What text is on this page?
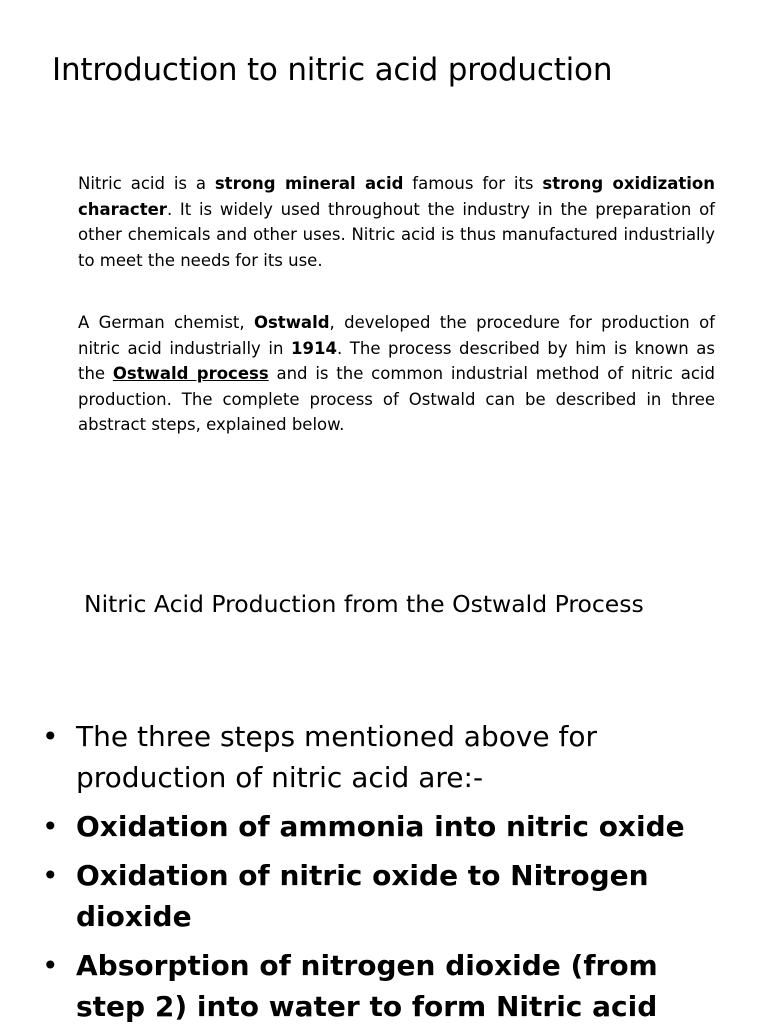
Introduction to nitric acid production

Nitric acid is a strong mineral acid famous for its strong oxidization character. It is widely used throughout the industry in the preparation of other chemicals and other uses. Nitric acid is thus manufactured industrially to meet the needs for its use.

A German chemist, Ostwald, developed the procedure for production of nitric acid industrially in 1914. The process described by him is known as the Ostwald process and is the common industrial method of nitric acid production. The complete process of Ostwald can be described in three abstract steps, explained below.

Nitric Acid Production from the Ostwald Process
• The three steps mentioned above for production of nitric acid are:-
• Oxidation of ammonia into nitric oxide
• Oxidation of nitric oxide to Nitrogen dioxide
• Absorption of nitrogen dioxide (from step 2) into water to form Nitric acid
